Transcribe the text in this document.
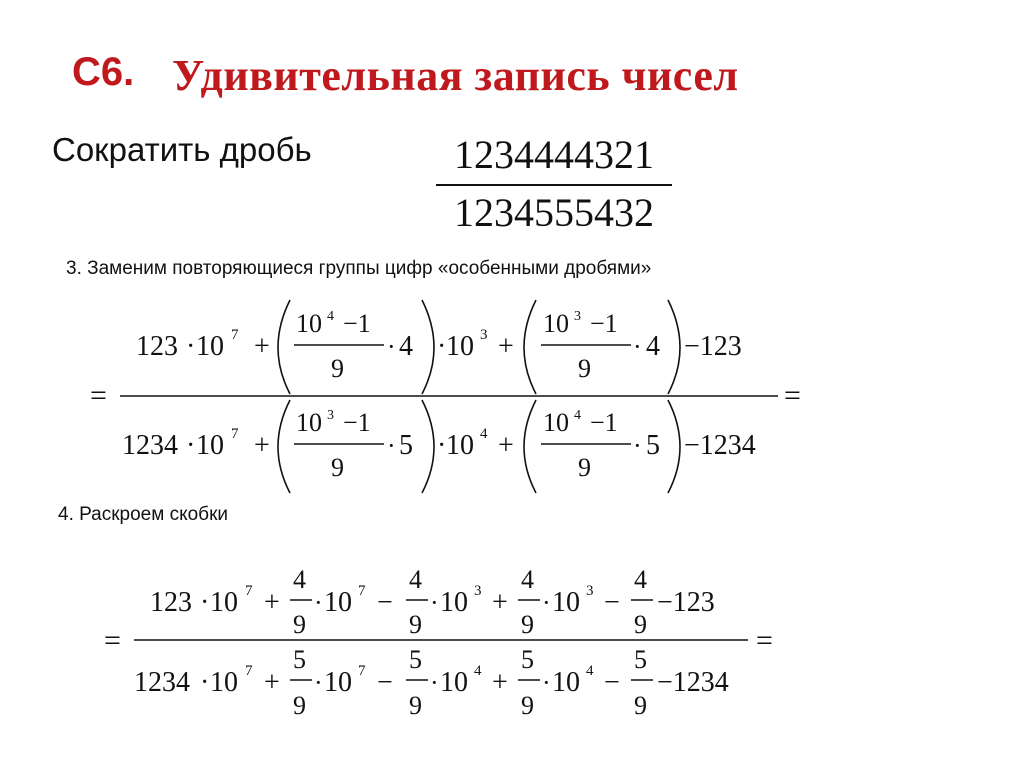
С6. Удивительная запись чисел
Сократить дробь	1234444321
1234555432
3. Заменим повторяющиеся группы цифр «особенными дробями»
=	=
123 · 10 7 +
10 4 −1
9
· 4 · 10 3 +
10 3 −1
9
· 4 −123
1234 · 10 7 +
10 3 −1
9
· 5 · 10 4 +
10 4 −1
9
· 5 −1234
=	=
123 · 10 7 +
4
9
· 10 7 −
4
9
· 10 3 +
4
9
· 10 3 −
4
9
−123
1234 · 10 7 +
5
9
· 10 7 −
5
9
· 10 4 +
5
9
· 10 4 −
5
9
−1234
4. Раскроем скобки
